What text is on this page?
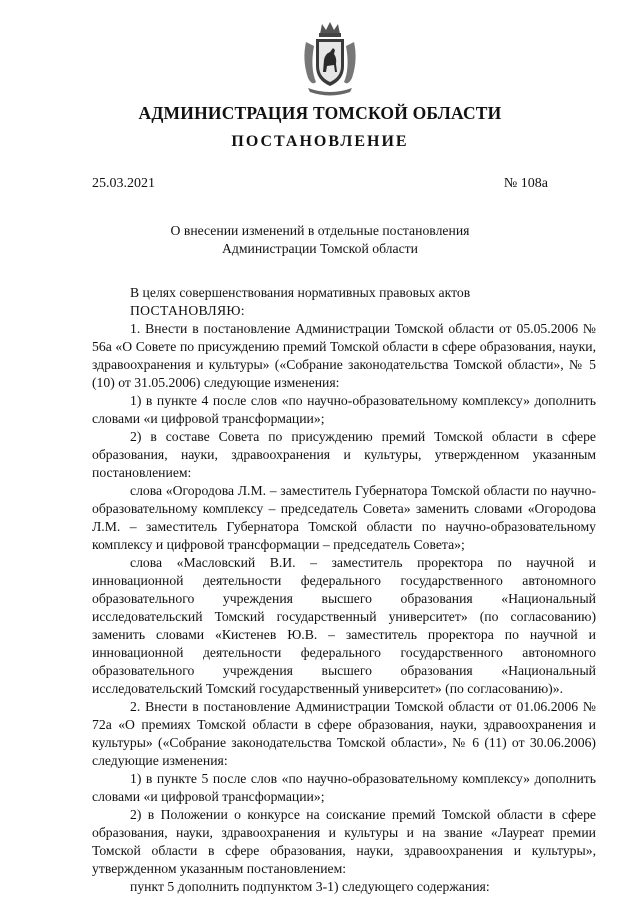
АДМИНИСТРАЦИЯ ТОМСКОЙ ОБЛАСТИ
ПОСТАНОВЛЕНИЕ
25.03.2021	№ 108а
О внесении изменений в отдельные постановления
Администрации Томской области

В целях совершенствования нормативных правовых актов

ПОСТАНОВЛЯЮ:

1. Внести в постановление Администрации Томской области от 05.05.2006 № 56а «О Совете по присуждению премий Томской области в сфере образования, науки, здравоохранения и культуры» («Собрание законодательства Томской области», № 5 (10) от 31.05.2006) следующие изменения:

1) в пункте 4 после слов «по научно-образовательному комплексу» дополнить словами «и цифровой трансформации»;

2) в составе Совета по присуждению премий Томской области в сфере образования, науки, здравоохранения и культуры, утвержденном указанным постановлением:

слова «Огородова Л.М. – заместитель Губернатора Томской области по научно-образовательному комплексу – председатель Совета» заменить словами «Огородова Л.М. – заместитель Губернатора Томской области по научно-образовательному комплексу и цифровой трансформации – председатель Совета»;

слова «Масловский В.И. – заместитель проректора по научной и инновационной деятельности федерального государственного автономного образовательного учреждения высшего образования «Национальный исследовательский Томский государственный университет» (по согласованию) заменить словами «Кистенев Ю.В. – заместитель проректора по научной и инновационной деятельности федерального государственного автономного образовательного учреждения высшего образования «Национальный исследовательский Томский государственный университет» (по согласованию)».

2. Внести в постановление Администрации Томской области от 01.06.2006 № 72а «О премиях Томской области в сфере образования, науки, здравоохранения и культуры» («Собрание законодательства Томской области», № 6 (11) от 30.06.2006) следующие изменения:

1) в пункте 5 после слов «по научно-образовательному комплексу» дополнить словами «и цифровой трансформации»;

2) в Положении о конкурсе на соискание премий Томской области в сфере образования, науки, здравоохранения и культуры и на звание «Лауреат премии Томской области в сфере образования, науки, здравоохранения и культуры», утвержденном указанным постановлением:

пункт 5 дополнить подпунктом 3-1) следующего содержания:
